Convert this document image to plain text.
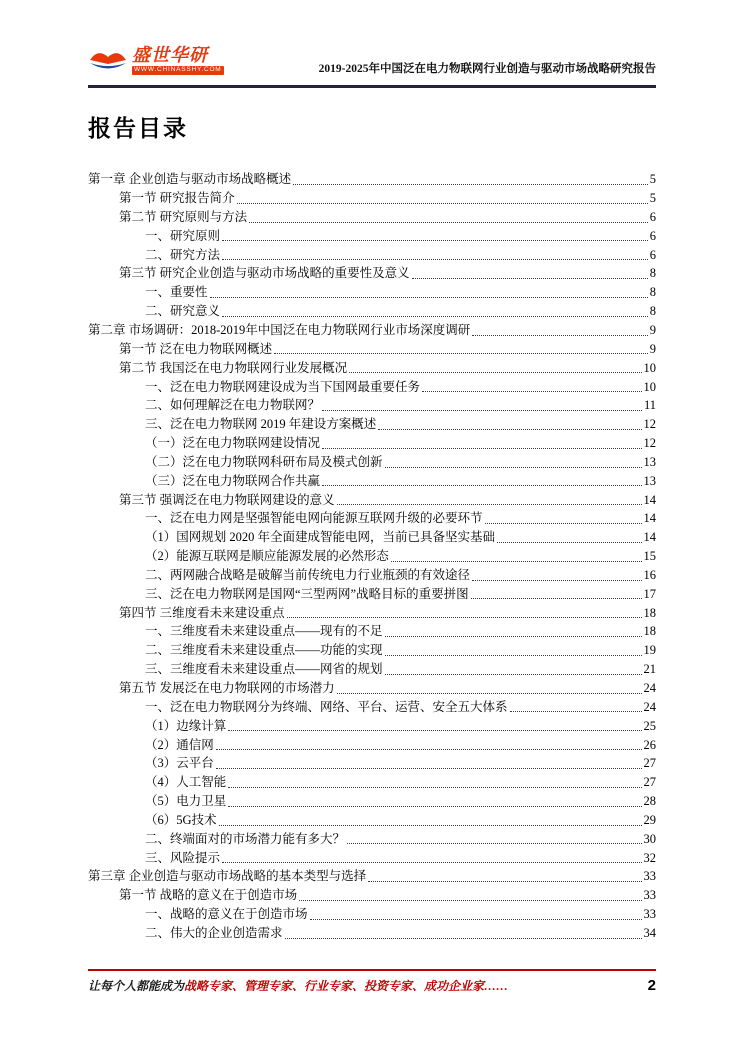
盛世华研
WWW.CHINASSHY.COM	2019-2025年中国泛在电力物联网行业创造与驱动市场战略研究报告
报告目录
第一章 企业创造与驱动市场战略概述	5
第一节 研究报告简介	5
第二节 研究原则与方法	6
一、研究原则	6
二、研究方法	6
第三节 研究企业创造与驱动市场战略的重要性及意义	8
一、重要性	8
二、研究意义	8
第二章 市场调研：2018-2019年中国泛在电力物联网行业市场深度调研	9
第一节 泛在电力物联网概述	9
第二节 我国泛在电力物联网行业发展概况	10
一、泛在电力物联网建设成为当下国网最重要任务	10
二、如何理解泛在电力物联网？	11
三、泛在电力物联网 2019 年建设方案概述	12
（一）泛在电力物联网建设情况	12
（二）泛在电力物联网科研布局及模式创新	13
（三）泛在电力物联网合作共赢	13
第三节 强调泛在电力物联网建设的意义	14
一、泛在电力网是坚强智能电网向能源互联网升级的必要环节	14
（1）国网规划 2020 年全面建成智能电网，当前已具备坚实基础	14
（2）能源互联网是顺应能源发展的必然形态	15
二、两网融合战略是破解当前传统电力行业瓶颈的有效途径	16
三、泛在电力物联网是国网“三型两网”战略目标的重要拼图	17
第四节 三维度看未来建设重点	18
一、三维度看未来建设重点——现有的不足	18
二、三维度看未来建设重点——功能的实现	19
三、三维度看未来建设重点——网省的规划	21
第五节 发展泛在电力物联网的市场潜力	24
一、泛在电力物联网分为终端、网络、平台、运营、安全五大体系	24
（1）边缘计算	25
（2）通信网	26
（3）云平台	27
（4）人工智能	27
（5）电力卫星	28
（6）5G技术	29
二、终端面对的市场潜力能有多大？	30
三、风险提示	32
第三章 企业创造与驱动市场战略的基本类型与选择	33
第一节 战略的意义在于创造市场	33
一、战略的意义在于创造市场	33
二、伟大的企业创造需求	34
让每个人都能成为战略专家、管理专家、行业专家、投资专家、成功企业家……	2
